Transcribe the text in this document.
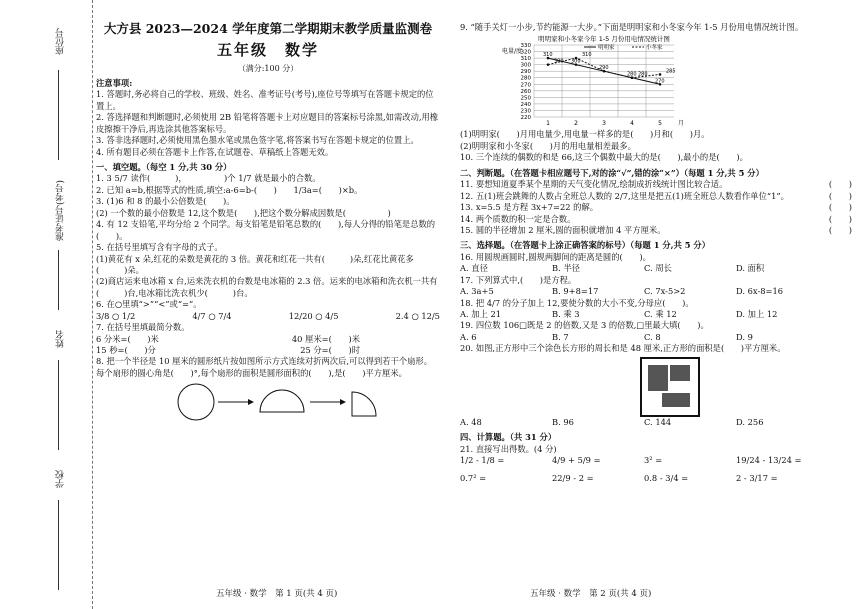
座位号
准考证号(考号)
姓名
学校
大方县 2023—2024 学年度第二学期期末教学质量监测卷
五年级　数学
（满分:100 分）
注意事项:
1. 答题时,务必将自己的学校、班级、姓名、准考证号(考号),座位号等填写在答题卡规定的位置上。
2. 答选择题和判断题时,必须使用 2B 铅笔将答题卡上对应题目的答案标号涂黑,如需改动,用橡皮擦擦干净后,再选涂其他答案标号。
3. 答非选择题时,必须使用黑色墨水笔或黑色签字笔,将答案书写在答题卡规定的位置上。
4. 所有题目必须在答题卡上作答,在试题卷、草稿纸上答题无效。
一、填空题。（每空 1 分,共 30 分）
1. 3 5/7 读作(　　　)，　　　　　)个 1/7 就是最小的合数。
2. 已知 a=b,根据等式的性质,填空:a-6=b-(　　)　　1/3a=(　　)×b。
3. (1)6 和 8 的最小公倍数是(　　)。
(2) 一个数的最小倍数是 12,这个数是(　　),把这个数分解成因数是(　　　　　)
4. 有 12 支铅笔,平均分给 2 个同学。每支铅笔是铅笔总数的(　　),每人分得的铅笔是总数的(　　)。
5. 在括号里填写含有字母的式子。
(1)黄花有 x 朵,红花的朵数是黄花的 3 倍。黄花和红花一共有(　　　)朵,红花比黄花多(　　　)朵。
(2)商店运来电冰箱 x 台,运来洗衣机的台数是电冰箱的 2.3 倍。运来的电冰箱和洗衣机一共有(　　　)台,电冰箱比洗衣机少(　　　)台。
6. 在○里填“>”“<”或“=”。
3/8 ○ 1/2	4/7 ○ 7/4	12/20 ○ 4/5	2.4 ○ 12/5
7. 在括号里填最简分数。
6 分米=(　　)米	40 厘米=(　　)米
15 秒=(　　)分	25 分=(　　)时
8. 把一个半径是 10 厘米的圆形纸片按如图所示方式连续对折两次后,可以得到若干个扇形。每个扇形的圆心角是(　　)°,每个扇形的面积是圆形面积的(　　),是(　　)平方厘米。
五年级 · 数学　第 1 页(共 4 页)
9. “随手关灯一小步,节约能源一大步。”下面是明明家和小冬家今年 1-5 月份用电情况统计图。
明明家和小冬家今年 1-5 月份用电情况统计图
电量/度
330
320
310
300
290
280
270
260
250
240
230
220
1	2	3	4	5	月
明明家	小冬家
310
300 300
310
290
280
280
285
270
(1)明明家(　　)月用电量少,用电量一样多的是(　　)月和(　　)月。
(2)明明家和小冬家(　　)月的用电量相差最多。
10. 三个连续的偶数的和是 66,这三个偶数中最大的是(　　),最小的是(　　)。
二、判断题。（在答题卡相应题号下,对的涂“√”,错的涂“×”）（每题 1 分,共 5 分）
11. 要想知道夏季某个星期的天气变化情况,绘制成折线统计图比较合适。	(　　)
12. 五(1)班会跳舞的人数占全班总人数的 2/7,这里是把五(1)班全班总人数看作单位“1”。	(　　)
13. x=5.5 是方程 3x+7=22 的解。	(　　)
14. 两个质数的积一定是合数。	(　　)
15. 圆的半径增加 2 厘米,圆的面积就增加 4 平方厘米。	(　　)
三、选择题。（在答题卡上涂正确答案的标号）（每题 1 分,共 5 分）
16. 用圆规画圆时,圆规两脚间的距离是圆的(　　)。
A. 直径	B. 半径	C. 周长	D. 面积
17. 下列算式中,(　　)是方程。
A. 3a+5	B. 9+8=17	C. 7x-5>2	D. 6x-8=16
18. 把 4/7 的分子加上 12,要使分数的大小不变,分母应(　　)。
A. 加上 21	B. 乘 3	C. 乘 12	D. 加上 12
19. 四位数 106□既是 2 的倍数,又是 3 的倍数,□里最大填(　　)。
A. 6	B. 7	C. 8	D. 9
20. 如图,正方形中三个涂色长方形的周长和是 48 厘米,正方形的面积是(　　)平方厘米。
A. 48	B. 96	C. 144	D. 256
四、计算题。（共 31 分）
21. 直接写出得数。(4 分)
1/2 - 1/8 =	4/9 + 5/9 =	3² =	19/24 - 13/24 =
0.7² =	22/9 - 2 =	0.8 - 3/4 =	2 - 3/17 =
五年级 · 数学　第 2 页(共 4 页)
